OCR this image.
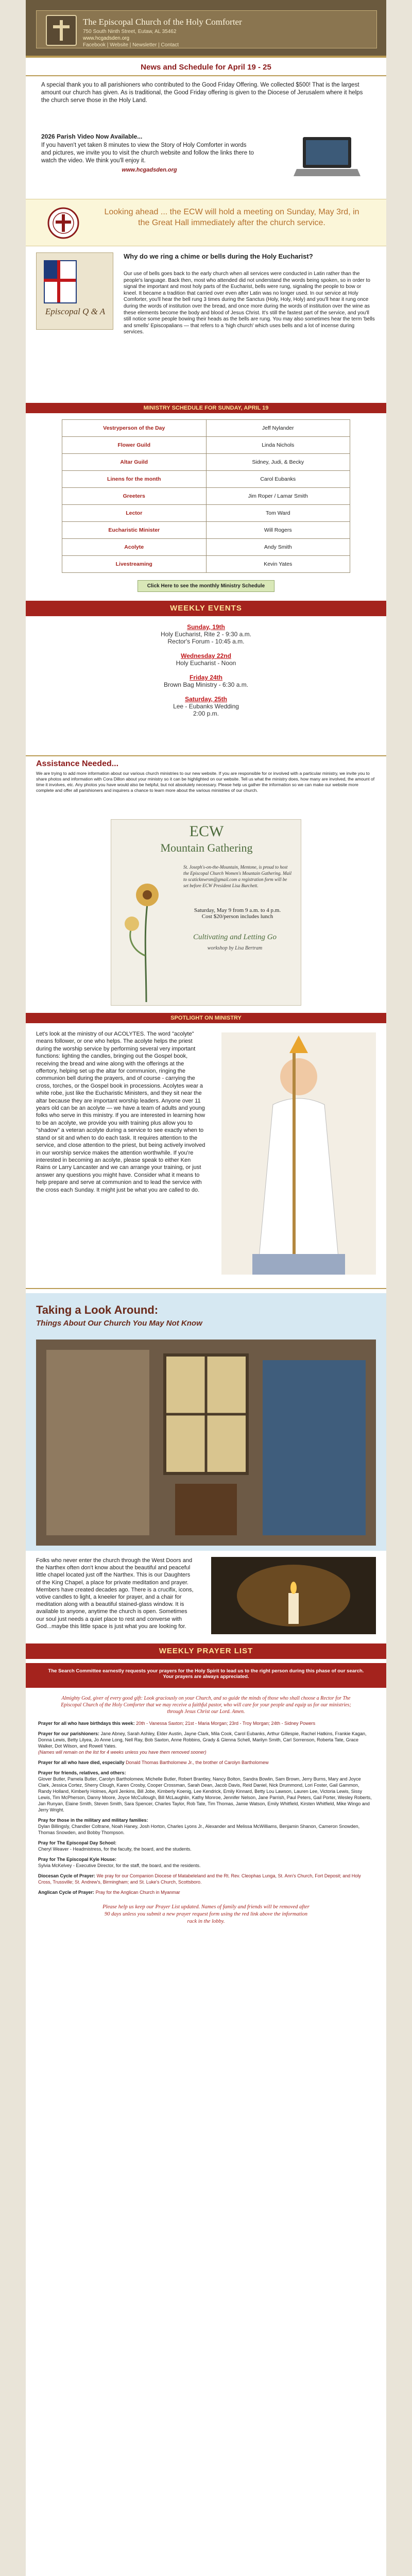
The Episcopal Church of the Holy Comforter
750 South Ninth Street, Eutaw, AL 35462
www.hcgadsden.org
Facebook | Website | Newsletter | Contact
News and Schedule for April 19 - 25

A special thank you to all parishioners who contributed to the Good Friday Offering. We collected $500! That is the largest amount our church has given. As is traditional, the Good Friday offering is given to the Diocese of Jerusalem where it helps the church serve those in the Holy Land.

2026 Parish Video Now Available...

If you haven't yet taken 8 minutes to view the Story of Holy Comforter in words and pictures, we invite you to visit the church website and follow the links there to watch the video. We think you'll enjoy it.

www.hcgadsden.org
Looking ahead ... the ECW will hold a meeting on Sunday, May 3rd, in the Great Hall immediately after the church service.
Episcopal Q & A
Why do we ring a chime or bells during the Holy Eucharist?

Our use of bells goes back to the early church when all services were conducted in Latin rather than the people's language. Back then, most who attended did not understand the words being spoken, so in order to signal the important and most holy parts of the Eucharist, bells were rung, signaling the people to bow or kneel. It became a tradition that carried over even after Latin was no longer used. In our service at Holy Comforter, you'll hear the bell rung 3 times during the Sanctus (Holy, Holy, Holy) and you'll hear it rung once during the words of institution over the bread, and once more during the words of institution over the wine as these elements become the body and blood of Jesus Christ. It's still the fastest part of the service, and you'll still notice some people bowing their heads as the bells are rung. You may also sometimes hear the term 'bells and smells' Episcopalians — that refers to a 'high church' which uses bells and a lot of incense during services.

MINISTRY SCHEDULE FOR SUNDAY, APRIL 19
Vestryperson of the Day	Jeff Nylander
Flower Guild	Linda Nichols
Altar Guild	Sidney, Judi, & Becky
Linens for the month	Carol Eubanks
Greeters	Jim Roper / Lamar Smith
Lector	Tom Ward
Eucharistic Minister	Will Rogers
Acolyte	Andy Smith
Livestreaming	Kevin Yates
Click Here to see the monthly Ministry Schedule
WEEKLY EVENTS
Sunday, 19th
Holy Eucharist, Rite 2 - 9:30 a.m.
Rector's Forum - 10:45 a.m.
Wednesday 22nd
Holy Eucharist - Noon
Friday 24th
Brown Bag Ministry - 6:30 a.m.
Saturday, 25th
Lee - Eubanks Wedding
2:00 p.m.
Assistance Needed...

We are trying to add more information about our various church ministries to our new website. If you are responsible for or involved with a particular ministry, we invite you to share photos and information with Cora Dillon about your ministry so it can be highlighted on our website. Tell us what the ministry does, how many are involved, the amount of time it involves, etc. Any photos you have would also be helpful, but not absolutely necessary. Please help us gather the information so we can make our website more complete and offer all parishioners and inquirers a chance to learn more about the various ministries of our church.

ECW
Mountain Gathering
St. Joseph's-on-the-Mountain, Mentone, is proud to host the Episcopal Church Women's Mountain Gathering. Mail to scaticknwrsm@gmail.com a registration form will be set before ECW President Lisa Burchett.
Saturday, May 9 from 9 a.m. to 4 p.m.
Cost $20/person includes lunch
Cultivating and Letting Go
workshop by Lisa Bertram
SPOTLIGHT ON MINISTRY

Let's look at the ministry of our ACOLYTES. The word "acolyte" means follower, or one who helps. The acolyte helps the priest during the worship service by performing several very important functions: lighting the candles, bringing out the Gospel book, receiving the bread and wine along with the offerings at the offertory, helping set up the altar for communion, ringing the communion bell during the prayers, and of course - carrying the cross, torches, or the Gospel book in processions. Acolytes wear a white robe, just like the Eucharistic Ministers, and they sit near the altar because they are important worship leaders. Anyone over 11 years old can be an acolyte — we have a team of adults and young folks who serve in this ministry. If you are interested in learning how to be an acolyte, we provide you with training plus allow you to "shadow" a veteran acolyte during a service to see exactly when to stand or sit and when to do each task. It requires attention to the service, and close attention to the priest, but being actively involved in our worship service makes the attention worthwhile. If you're interested in becoming an acolyte, please speak to either Ken Rains or Larry Lancaster and we can arrange your training, or just answer any questions you might have. Consider what it means to help prepare and serve at communion and to lead the service with the cross each Sunday. It might just be what you are called to do.

Taking a Look Around:
Things About Our Church You May Not Know

Folks who never enter the church through the West Doors and the Narthex often don't know about the beautiful and peaceful little chapel located just off the Narthex. This is our Daughters of the King Chapel, a place for private meditation and prayer. Members have created decades ago. There is a crucifix, icons, votive candles to light, a kneeler for prayer, and a chair for meditation along with a beautiful stained-glass window. It is available to anyone, anytime the church is open. Sometimes our soul just needs a quiet place to rest and converse with God...maybe this little space is just what you are looking for.

WEEKLY PRAYER LIST
The Search Committee earnestly requests your prayers for the Holy Spirit to lead us to the right person during this phase of our search. Your prayers are always appreciated.

Almighty God, giver of every good gift: Look graciously on your Church, and so guide the minds of those who shall choose a Rector for The Episcopal Church of the Holy Comforter that we may receive a faithful pastor, who will care for your people and equip us for our ministries; through Jesus Christ our Lord. Amen.

Prayer for all who have birthdays this week: 20th - Vanessa Saxton; 21st - Maria Morgan; 23rd - Troy Morgan; 24th - Sidney Powers

Prayer for our parishioners: Jane Abney, Sarah Ashley, Elder Austin, Jayne Clark, Mila Cook, Carol Eubanks, Arthur Gillespie, Rachel Hatkins, Frankie Kagan, Donna Lewis, Betty Lilyea, Jo Anne Long, Nell Ray, Bob Saxton, Anne Robbins, Grady & Glenna Schell, Marilyn Smith, Carl Sorrenson, Roberta Tate, Grace Walker, Dot Wilson, and Rowell Yates.
(Names will remain on the list for 4 weeks unless you have them removed sooner)

Prayer for all who have died, especially Donald Thomas Bartholomew Jr., the brother of Carolyn Bartholomew

Prayer for friends, relatives, and others:
Glover Butler, Pamela Butler, Carolyn Bartholomew, Michelle Butler, Robert Brantley, Nancy Bolton, Sandra Bowlin, Sam Brown, Jerry Burns, Mary and Joyce Clark, Jessica Cortez, Sherry Clough, Karen Crosby, Cooper Crossman, Sarah Dean, Jacob Davis, Reid Daniel, Nick Drummond, Lori Foster, Gail Gammon, Randy Holland, Kimberly Holmes, April Jenkins, Bill Jobe, Kimberly Koenig, Lee Kendrick, Emily Kinnard, Betty Lou Lawson, Lauren Lee, Victoria Lewis, Sissy Lewis, Tim McPherson, Danny Moore, Joyce McCullough, Bill McLaughlin, Kathy Monroe, Jennifer Nelson, Jane Parrish, Paul Peters, Gail Porter, Wesley Roberts, Jan Runyan, Elaine Smith, Steven Smith, Sara Spencer, Charles Taylor, Rob Tate, Tim Thomas, Jamie Watson, Emily Whitfield, Kirsten Whitfield, Mike Wingo and Jerry Wright.

Pray for those in the military and military families:
Dylan Billingsly, Chandler Coltrane, Noah Haney, Josh Horton, Charles Lyons Jr., Alexander and Melissa McWilliams, Benjamin Shanon, Cameron Snowden, Thomas Snowden, and Bobby Thompson.

Pray for The Episcopal Day School:
Cheryl Weaver - Headmistress, for the faculty, the board, and the students.

Pray for The Episcopal Kyle House:
Sylvia McKelvey - Executive Director, for the staff, the board, and the residents.

Diocesan Cycle of Prayer: We pray for our Companion Diocese of Matabeleland and the Rt. Rev. Cleophas Lunga, St. Ann's Church, Fort Deposit; and Holy Cross, Trussville; St. Andrew's, Birmingham; and St. Luke's Church, Scottsboro.

Anglican Cycle of Prayer: Pray for the Anglican Church in Myanmar

Please help us keep our Prayer List updated. Names of family and friends will be removed after 90 days unless you submit a new prayer request form using the red link above the information rack in the lobby.
